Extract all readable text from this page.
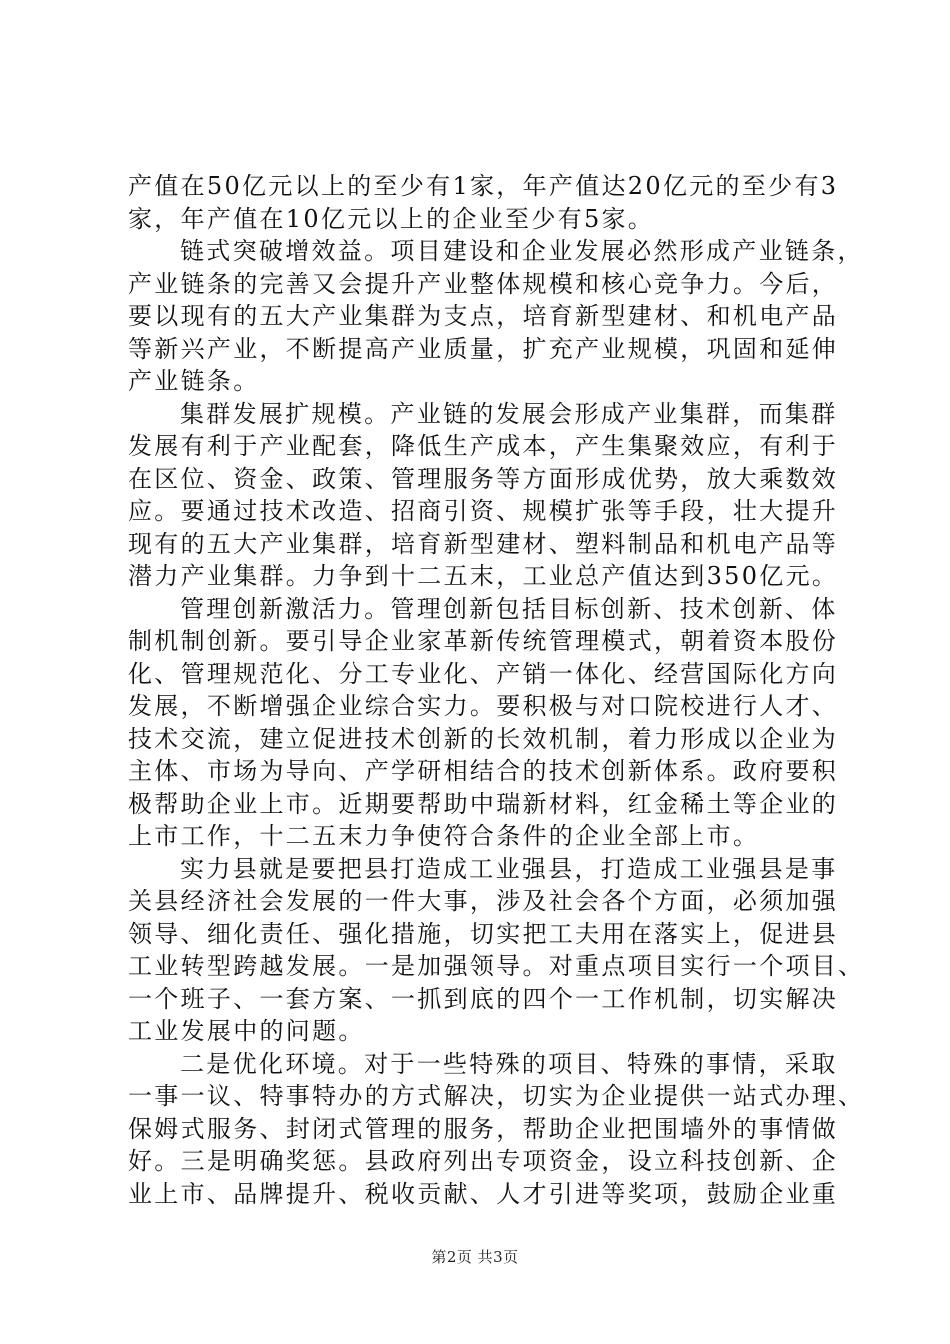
产值在50亿元以上的至少有1家，年产值达20亿元的至少有3
家，年产值在10亿元以上的企业至少有5家。
链式突破增效益。项目建设和企业发展必然形成产业链条，
产业链条的完善又会提升产业整体规模和核心竞争力。今后，
要以现有的五大产业集群为支点，培育新型建材、和机电产品
等新兴产业，不断提高产业质量，扩充产业规模，巩固和延伸
产业链条。
集群发展扩规模。产业链的发展会形成产业集群，而集群
发展有利于产业配套，降低生产成本，产生集聚效应，有利于
在区位、资金、政策、管理服务等方面形成优势，放大乘数效
应。要通过技术改造、招商引资、规模扩张等手段，壮大提升
现有的五大产业集群，培育新型建材、塑料制品和机电产品等
潜力产业集群。力争到十二五末，工业总产值达到350亿元。
管理创新激活力。管理创新包括目标创新、技术创新、体
制机制创新。要引导企业家革新传统管理模式，朝着资本股份
化、管理规范化、分工专业化、产销一体化、经营国际化方向
发展，不断增强企业综合实力。要积极与对口院校进行人才、
技术交流，建立促进技术创新的长效机制，着力形成以企业为
主体、市场为导向、产学研相结合的技术创新体系。政府要积
极帮助企业上市。近期要帮助中瑞新材料，红金稀土等企业的
上市工作，十二五末力争使符合条件的企业全部上市。
实力县就是要把县打造成工业强县，打造成工业强县是事
关县经济社会发展的一件大事，涉及社会各个方面，必须加强
领导、细化责任、强化措施，切实把工夫用在落实上，促进县
工业转型跨越发展。一是加强领导。对重点项目实行一个项目、
一个班子、一套方案、一抓到底的四个一工作机制，切实解决
工业发展中的问题。
二是优化环境。对于一些特殊的项目、特殊的事情，采取
一事一议、特事特办的方式解决，切实为企业提供一站式办理、
保姆式服务、封闭式管理的服务，帮助企业把围墙外的事情做
好。三是明确奖惩。县政府列出专项资金，设立科技创新、企
业上市、品牌提升、税收贡献、人才引进等奖项，鼓励企业重
第2页 共3页
